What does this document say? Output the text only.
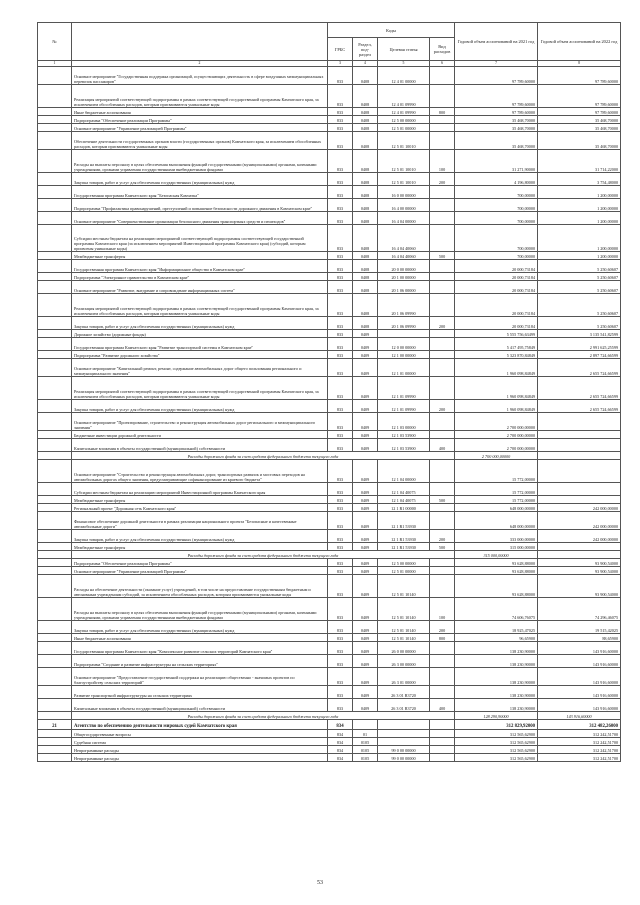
№		Коды				Годовой объем ассигнований на 2021 год	Годовой объем ассигнований на 2022 год
		ГРБС	Раздел, под-раздел	Целевая статья	Вид расходов		
1	2	3	4	5	6	7	8
	Основное мероприятие "Государственная поддержка организаций, осуществляющих деятельность в сфере воздушных межмуниципальных перевозок пассажиров"	833	0408	12 4 01 00000		97 789,60000	97 789,60000
	Реализация мероприятий соответствующей подпрограммы в рамках соответствующей государственной программы Камчатского края, за исключением обособленных расходов, которым присваиваются уникальные коды	833	0408	12 4 01 09990		97 789,60000	97 789,60000
	Иные бюджетные ассигнования	833	0408	12 4 01 09990	800	97 789,60000	97 789,60000
	Подпрограмма "Обеспечение реализации Программы"	833	0408	12 5 00 00000		35 468,70000	35 468,70000
	Основное мероприятие "Управление реализацией Программы"	833	0408	12 5 01 00000		35 468,70000	35 468,70000
	Обеспечение деятельности государственных органов власти (государственных органов) Камчатского края, за исключением обособленных расходов, которым присваиваются уникальные коды	833	0408	12 5 01 10010		35 468,70000	35 468,70000
	Расходы на выплаты персоналу в целях обеспечения выполнения функций государственными (муниципальными) органами, казенными учреждениями, органами управления государственными внебюджетными фондами	833	0408	12 5 01 10010	100	31 271,90000	31 714,22000
	Закупка товаров, работ и услуг для обеспечения государственных (муниципальных) нужд	833	0408	12 5 01 10010	200	4 196,80000	3 754,48000
	Государственная программа Камчатского края "Безопасная Камчатка"	833	0408	16 0 00 00000		700,00000	1 200,00000
	Подпрограмма "Профилактика правонарушений, преступлений и повышение безопасности дорожного движения в Камчатском крае"	833	0408	16 4 00 00000		700,00000	1 200,00000
	Основное мероприятие "Совершенствование организации безопасного движения транспортных средств и пешеходов"	833	0408	16 4 04 00000		700,00000	1 200,00000
	Субсидии местным бюджетам на реализацию мероприятий соответствующей подпрограммы соответствующей государственной программы Камчатского края (за исключением мероприятий Инвестиционной программы Камчатского края) (субсидий, которым присвоены уникальные коды)	833	0408	16 4 04 40060		700,00000	1 200,00000
	Межбюджетные трансферты	833	0408	16 4 04 40060	500	700,00000	1 200,00000
	Государственная программа Камчатского края "Информационное общество в Камчатском крае"	833	0408	20 0 00 00000		20 000,73184	5 250,60607
	Подпрограмма "Электронное правительство в Камчатском крае"	833	0408	20 1 00 00000		20 000,73184	5 250,60607
	Основное мероприятие "Развитие, внедрение и сопровождение информационных систем"	833	0408	20 1 06 00000		20 000,73184	5 250,60607
	Реализация мероприятий соответствующей подпрограммы в рамках соответствующей государственной программы Камчатского края, за исключением обособленных расходов, которым присваиваются уникальные коды	833	0408	20 1 06 09990		20 000,73184	5 250,60607
	Закупка товаров, работ и услуг для обеспечения государственных (муниципальных) нужд	833	0408	20 1 06 09990	200	20 000,73184	5 250,60607
	Дорожное хозяйство (дорожные фонды)	833	0409			5 555 756,63499	3 135 541,82599
	Государственная программа Камчатского края "Развитие транспортной системы в Камчатском крае"	833	0409	12 0 00 00000		5 417 495,75849	2 991 625,25599
	Подпрограмма "Развитие дорожного хозяйства"	833	0409	12 1 00 00000		5 323 870,84849	2 897 724,66599
	Основное мероприятие "Капитальный ремонт, ремонт, содержание автомобильных дорог общего пользования регионального и межмуниципального значения"	833	0409	12 1 01 00000		1 960 098,84849	2 655 724,66599
	Реализация мероприятий соответствующей подпрограммы в рамках соответствующей государственной программы Камчатского края, за исключением обособленных расходов, которым присваиваются уникальные коды	833	0409	12 1 01 09990		1 960 098,84849	2 655 724,66599
	Закупка товаров, работ и услуг для обеспечения государственных (муниципальных) нужд	833	0409	12 1 01 09990	200	1 960 098,84849	2 655 724,66599
	Основное мероприятие "Проектирование, строительство и реконструкция автомобильных дорог регионального и межмуниципального значения"	833	0409	12 1 03 00000		2 700 000,00000	
	Бюджетные инвестиции дорожной деятельности	833	0409	12 1 03 53900		2 700 000,00000	
	Капитальные вложения в объекты государственной (муниципальной) собственности	833	0409	12 1 03 53900	400	2 700 000,00000	
	Расходы дорожного фонда за счет средств федерального бюджета текущего года					2 700 000,00000	
	Основное мероприятие "Строительство и реконструкция автомобильных дорог, транспортных развязок и мостовых переходов на автомобильных дорогах общего значения, предусматривающие софинансирование из краевого бюджета"	833	0409	12 1 04 00000		15 772,00000	
	Субсидии местным бюджетам на реализацию мероприятий Инвестиционной программы Камчатского края	833	0409	12 1 04 40075		15 772,00000	
	Межбюджетные трансферты	833	0409	12 1 04 40075	500	15 772,00000	
	Региональный проект "Дорожная сеть Камчатского края"	833	0409	12 1 R1 00000		648 000,00000	242 000,00000
	Финансовое обеспечение дорожной деятельности в рамках реализации национального проекта "Безопасные и качественные автомобильные дороги"	833	0409	12 1 R1 53930		648 000,00000	242 000,00000
	Закупка товаров, работ и услуг для обеспечения государственных (муниципальных) нужд	833	0409	12 1 R1 53930	200	333 000,00000	242 000,00000
	Межбюджетные трансферты	833	0409	12 1 R1 53930	500	315 000,00000	
	Расходы дорожного фонда за счет средств федерального бюджета текущего года					315 000,00000	
	Подпрограмма "Обеспечение реализации Программы"	833	0409	12 5 00 00000		93 628,88000	93 900,54000
	Основное мероприятие "Управление реализацией Программы"	833	0409	12 5 01 00000		93 628,88000	93 900,54000
	Расходы на обеспечение деятельности (оказание услуг) учреждений, в том числе на предоставление государственным бюджетным и автономным учреждениям субсидий, за исключением обособленных расходов, которым присваиваются уникальные коды	833	0409	12 5 01 10140		93 628,88000	93 900,54000
	Расходы на выплаты персоналу в целях обеспечения выполнения функций государственными (муниципальными) органами, казенными учреждениями, органами управления государственными внебюджетными фондами	833	0409	12 5 01 10140	100	74 606,76075	74 296,46075
	Закупка товаров, работ и услуг для обеспечения государственных (муниципальных) нужд	833	0409	12 5 01 10140	200	18 925,47025	19 515,42025
	Иные бюджетные ассигнования	833	0409	12 5 01 10140	800	96,65900	88,65900
	Государственная программа Камчатского края "Комплексное развитие сельских территорий Камчатского края"	833	0409	26 0 00 00000		138 230,90000	143 916,60000
	Подпрограмма "Создание и развитие инфраструктуры на сельских территориях"	833	0409	26 3 00 00000		138 230,90000	143 916,60000
	Основное мероприятие "Предоставление государственной поддержки на реализацию общественно - значимых проектов по благоустройству сельских территорий"	833	0409	26 3 01 00000		138 230,90000	143 916,60000
	Развитие транспортной инфраструктуры на сельских территориях	833	0409	26 3 01 R3720		138 230,90000	143 916,60000
	Капитальные вложения в объекты государственной (муниципальной) собственности	833	0409	26 3 01 R3720	400	138 230,90000	143 916,60000
	Расходы дорожного фонда за счет средств федерального бюджета текущего года					128 290,90000	143 916,60000
21	Агентство по обеспечению деятельности мировых судей Камчатского края	834				312 829,92000	312 482,26000
	Общегосударственные вопросы	834	01			312 565,62900	312 242,51700
	Судебная система	834	0105			312 565,62900	312 242,51700
	Непрограммные расходы	834	0105	99 0 00 00000		312 565,62900	312 242,51700
	Непрограммные расходы	834	0105	99 0 00 00000		312 565,62900	312 242,51700
53
